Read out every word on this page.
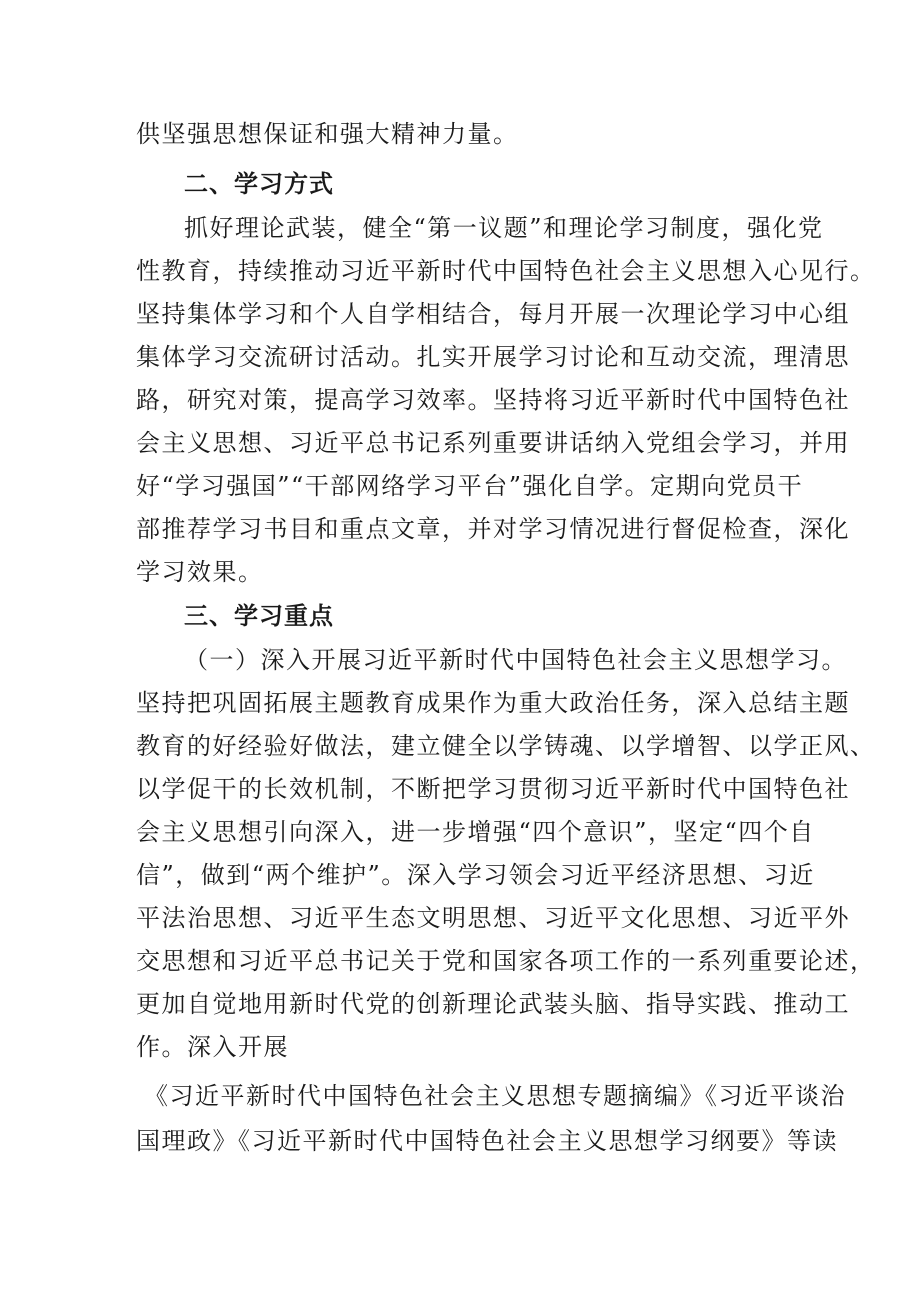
供坚强思想保证和强大精神力量。
二、学习方式
抓好理论武装，健全“第一议题”和理论学习制度，强化党
性教育，持续推动习近平新时代中国特色社会主义思想入心见行。
坚持集体学习和个人自学相结合，每月开展一次理论学习中心组
集体学习交流研讨活动。扎实开展学习讨论和互动交流，理清思
路，研究对策，提高学习效率。坚持将习近平新时代中国特色社
会主义思想、习近平总书记系列重要讲话纳入党组会学习，并用
好“学习强国”“干部网络学习平台”强化自学。定期向党员干
部推荐学习书目和重点文章，并对学习情况进行督促检查，深化
学习效果。
三、学习重点
（一）深入开展习近平新时代中国特色社会主义思想学习。
坚持把巩固拓展主题教育成果作为重大政治任务，深入总结主题
教育的好经验好做法，建立健全以学铸魂、以学增智、以学正风、
以学促干的长效机制，不断把学习贯彻习近平新时代中国特色社
会主义思想引向深入，进一步增强“四个意识”，坚定“四个自
信”，做到“两个维护”。深入学习领会习近平经济思想、习近
平法治思想、习近平生态文明思想、习近平文化思想、习近平外
交思想和习近平总书记关于党和国家各项工作的一系列重要论述，
更加自觉地用新时代党的创新理论武装头脑、指导实践、推动工
作。深入开展
《习近平新时代中国特色社会主义思想专题摘编》《习近平谈治
国理政》《习近平新时代中国特色社会主义思想学习纲要》等读
